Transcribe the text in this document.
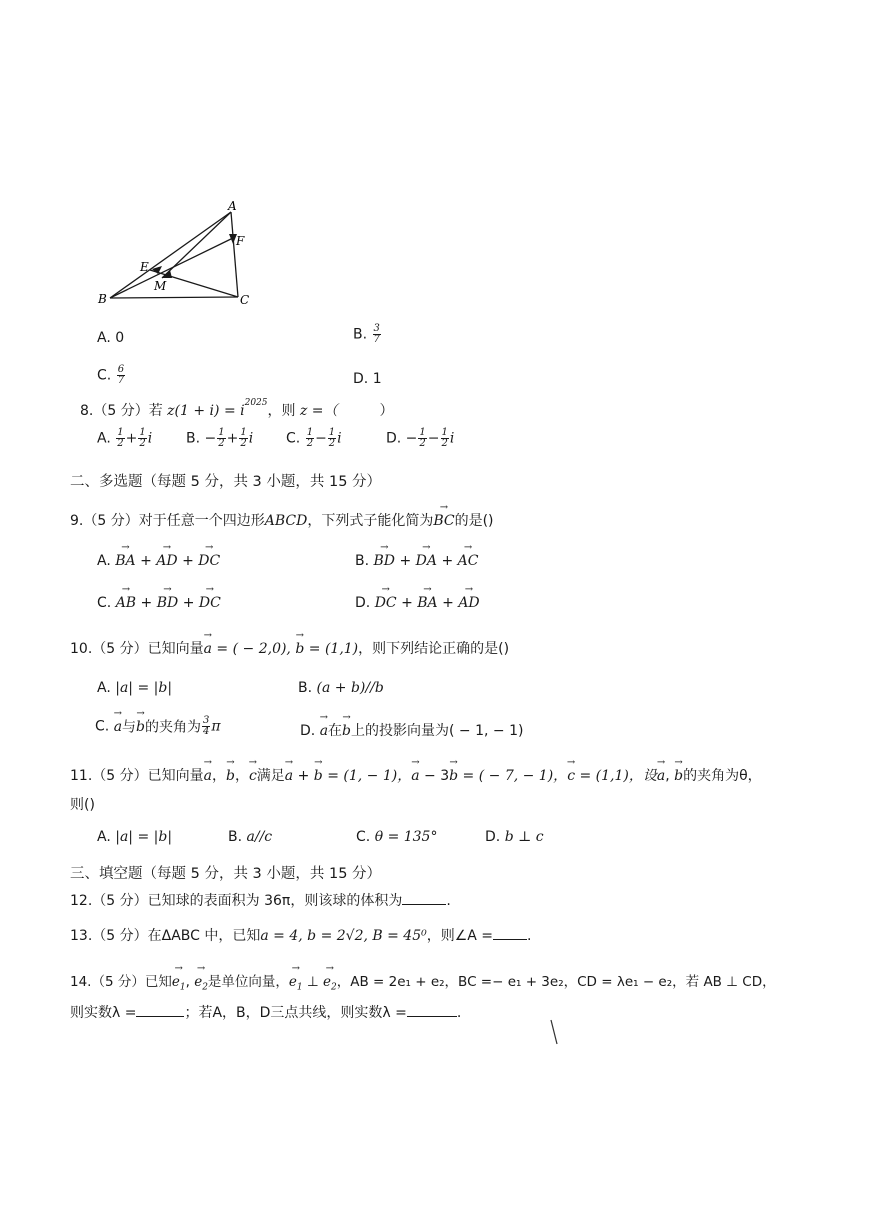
A
F
E
M
B	C
A. 0	B. $\frac{3}{7}$
C. $\frac{6}{7}$	D. 1
8.（5 分）若 $z(1 + i) = i^{2025}$，则 z =（	）
A. $\frac{1}{2} + \frac{1}{2}$ i B. − $\frac{1}{2} + \frac{1}{2}$ i C. $\frac{1}{2} - \frac{1}{2}$ i	D. − $\frac{1}{2} - \frac{1}{2}$ i
二、多选题（每题 5 分，共 3 小题，共 15 分）
9.（5 分）对于任意一个四边形ABCD，下列式子能化简为→ BC的是()
A. → BA + → AD + → DC	B. → BD + → DA + → AC
C. → AB + → BD + → DC	D. → DC + → BA + → AD
10.（5 分）已知向量→ a = ( − 2,0), → b = (1,1)，则下列结论正确的是()
A. |a| = |b|	B. (a + b)//b
C. → a与→ b的夹角为 $\frac{3}{4}$ π	D. → a在→ b上的投影向量为( − 1, − 1)
11.（5 分）已知向量→ a，→ b，→ c满足→ a + → b = (1, − 1)，→ a − 3→ b = ( − 7, − 1)，→ c = (1,1)，设→ a, → b的夹角为θ，
则()
A. |a| = |b|	B. a//c	C. θ = 135°	D. b ⊥ c
三、填空题（每题 5 分，共 3 小题，共 15 分）
12.（5 分）已知球的表面积为 36π，则该球的体积为	.
13.（5 分）在ΔABC 中，已知a = 4, b = 2√2, B = 45⁰，则∠A = .
14.（5 分）已知→ $e_1$, → $e_2$是单位向量，→ $e_1$ ⊥ → $e_2$，AB = 2e₁ + e₂，BC =− e₁ + 3e₂，CD = λe₁ − e₂，若 AB ⊥ CD，
则实数λ =	；若A，B，D三点共线，则实数λ =	.
